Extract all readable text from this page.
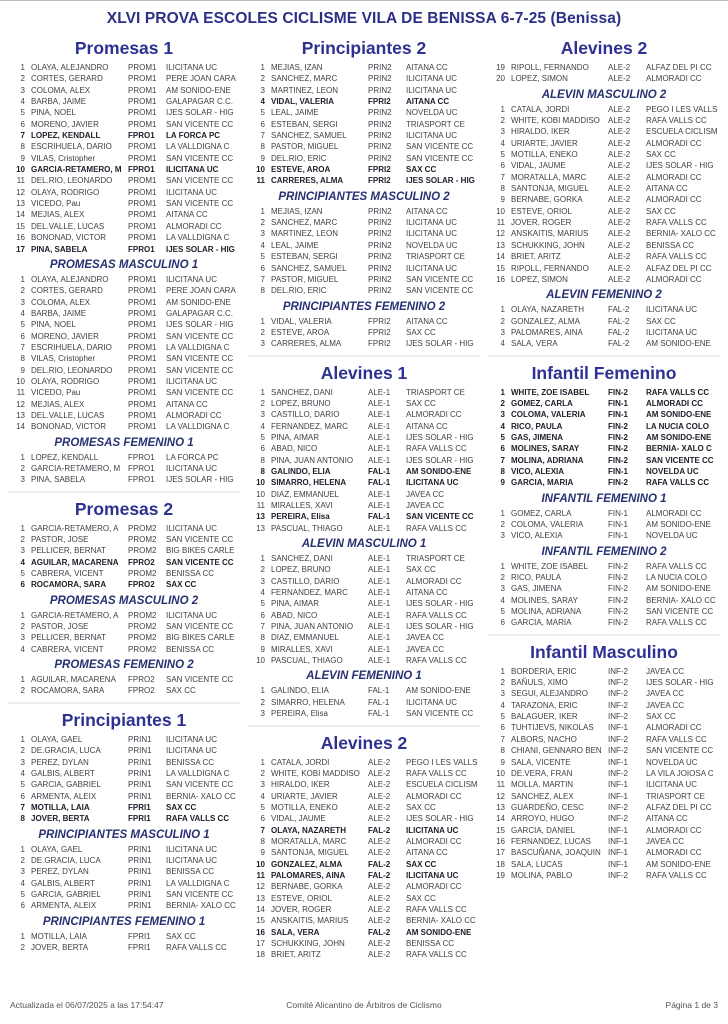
XLVI PROVA ESCOLES CICLISME VILA DE BENISSA 6-7-25 (Benissa)
Promesas 1
1 OLAYA, ALEJANDRO	PROM1	ILICITANA UC
2 CORTES, GERARD	PROM1	PERE JOAN CARA
3 COLOMA, ALEX	PROM1	AM SONIDO-ENE
4 BARBA, JAIME	PROM1	GALAPAGAR C.C.
5 PINA, NOEL	PROM1	IJES SOLAR - HIG
6 MORENO, JAVIER	PROM1	SAN VICENTE CC
7 LOPEZ, KENDALL	FPRO1	LA FORCA PC
8 ESCRIHUELA, DARIO	PROM1	LA VALLDIGNA C
9 VILAS, Cristopher	PROM1	SAN VICENTE CC
10 GARCIA-RETAMERO, M FPRO1	ILICITANA UC
11 DEL.RIO, LEONARDO	PROM1	SAN VICENTE CC
12 OLAYA, RODRIGO	PROM1	ILICITANA UC
13 VICEDO, Pau	PROM1	SAN VICENTE CC
14 MEJIAS, ALEX	PROM1	AITANA CC
15 DEL.VALLE, LUCAS	PROM1	ALMORADI CC
16 BONONAD, VICTOR	PROM1	LA VALLDIGNA C
17 PINA, SABELA	FPRO1	IJES SOLAR - HIG
PROMESAS MASCULINO 1
1 OLAYA, ALEJANDRO	PROM1	ILICITANA UC
2 CORTES, GERARD	PROM1	PERE JOAN CARA
3 COLOMA, ALEX	PROM1	AM SONIDO-ENE
4 BARBA, JAIME	PROM1	GALAPAGAR C.C.
5 PINA, NOEL	PROM1	IJES SOLAR - HIG
6 MORENO, JAVIER	PROM1	SAN VICENTE CC
7 ESCRIHUELA, DARIO	PROM1	LA VALLDIGNA C
8 VILAS, Cristopher	PROM1	SAN VICENTE CC
9 DEL.RIO, LEONARDO	PROM1	SAN VICENTE CC
10 OLAYA, RODRIGO	PROM1	ILICITANA UC
11 VICEDO, Pau	PROM1	SAN VICENTE CC
12 MEJIAS, ALEX	PROM1	AITANA CC
13 DEL.VALLE, LUCAS	PROM1	ALMORADI CC
14 BONONAD, VICTOR	PROM1	LA VALLDIGNA C
PROMESAS FEMENINO 1
1 LOPEZ, KENDALL	FPRO1	LA FORCA PC
2 GARCIA-RETAMERO, M FPRO1	ILICITANA UC
3 PINA, SABELA	FPRO1	IJES SOLAR - HIG
Promesas 2
1 GARCIA-RETAMERO, A	PROM2	ILICITANA UC
2 PASTOR, JOSE	PROM2	SAN VICENTE CC
3 PELLICER, BERNAT	PROM2	BIG BIKES CARLE
4 AGUILAR, MACARENA	FPRO2	SAN VICENTE CC
5 CABRERA, VICENT	PROM2	BENISSA CC
6 ROCAMORA, SARA	FPRO2	SAX CC
PROMESAS MASCULINO 2
1 GARCIA-RETAMERO, A	PROM2	ILICITANA UC
2 PASTOR, JOSE	PROM2	SAN VICENTE CC
3 PELLICER, BERNAT	PROM2	BIG BIKES CARLE
4 CABRERA, VICENT	PROM2	BENISSA CC
PROMESAS FEMENINO 2
1 AGUILAR, MACARENA	FPRO2	SAN VICENTE CC
2 ROCAMORA, SARA	FPRO2	SAX CC
Principiantes 1
1 OLAYA, GAEL	PRIN1	ILICITANA UC
2 DE.GRACIA, LUCA	PRIN1	ILICITANA UC
3 PEREZ, DYLAN	PRIN1	BENISSA CC
4 GALBIS, ALBERT	PRIN1	LA VALLDIGNA C
5 GARCIA, GABRIEL	PRIN1	SAN VICENTE CC
6 ARMENTA, ALEIX	PRIN1	BERNIA- XALO CC
7 MOTILLA, LAIA	FPRI1	SAX CC
8 JOVER, BERTA	FPRI1	RAFA VALLS CC
PRINCIPIANTES MASCULINO 1
1 OLAYA, GAEL	PRIN1	ILICITANA UC
2 DE.GRACIA, LUCA	PRIN1	ILICITANA UC
3 PEREZ, DYLAN	PRIN1	BENISSA CC
4 GALBIS, ALBERT	PRIN1	LA VALLDIGNA C
5 GARCIA, GABRIEL	PRIN1	SAN VICENTE CC
6 ARMENTA, ALEIX	PRIN1	BERNIA- XALO CC
PRINCIPIANTES FEMENINO 1
1 MOTILLA, LAIA	FPRI1	SAX CC
2 JOVER, BERTA	FPRI1	RAFA VALLS CC
Principiantes 2
1 MEJIAS, IZAN	PRIN2	AITANA CC
2 SANCHEZ, MARC	PRIN2	ILICITANA UC
3 MARTINEZ, LEON	PRIN2	ILICITANA UC
4 VIDAL, VALERIA	FPRI2	AITANA CC
5 LEAL, JAIME	PRIN2	NOVELDA UC
6 ESTEBAN, SERGI	PRIN2	TRIASPORT CE
7 SANCHEZ, SAMUEL	PRIN2	ILICITANA UC
8 PASTOR, MIGUEL	PRIN2	SAN VICENTE CC
9 DEL.RIO, ERIC	PRIN2	SAN VICENTE CC
10 ESTEVE, AROA	FPRI2	SAX CC
11 CARRERES, ALMA	FPRI2	IJES SOLAR - HIG
PRINCIPIANTES MASCULINO 2
1 MEJIAS, IZAN	PRIN2	AITANA CC
2 SANCHEZ, MARC	PRIN2	ILICITANA UC
3 MARTINEZ, LEON	PRIN2	ILICITANA UC
4 LEAL, JAIME	PRIN2	NOVELDA UC
5 ESTEBAN, SERGI	PRIN2	TRIASPORT CE
6 SANCHEZ, SAMUEL	PRIN2	ILICITANA UC
7 PASTOR, MIGUEL	PRIN2	SAN VICENTE CC
8 DEL.RIO, ERIC	PRIN2	SAN VICENTE CC
PRINCIPIANTES FEMENINO 2
1 VIDAL, VALERIA	FPRI2	AITANA CC
2 ESTEVE, AROA	FPRI2	SAX CC
3 CARRERES, ALMA	FPRI2	IJES SOLAR - HIG
Alevines 1
1 SANCHEZ, DANI	ALE-1	TRIASPORT CE
2 LOPEZ, BRUNO	ALE-1	SAX CC
3 CASTILLO, DARIO	ALE-1	ALMORADI CC
4 FERNANDEZ, MARC	ALE-1	AITANA CC
5 PINA, AIMAR	ALE-1	IJES SOLAR - HIG
6 ABAD, NICO	ALE-1	RAFA VALLS CC
8 PINA, JUAN ANTONIO	ALE-1	IJES SOLAR - HIG
8 GALINDO, ELIA	FAL-1	AM SONIDO-ENE
10 SIMARRO, HELENA	FAL-1	ILICITANA UC
10 DIAZ, EMMANUEL	ALE-1	JAVEA CC
11 MIRALLES, XAVI	ALE-1	JAVEA CC
13 PEREIRA, Elisa	FAL-1	SAN VICENTE CC
13 PASCUAL, THIAGO	ALE-1	RAFA VALLS CC
ALEVIN MASCULINO 1
1 SANCHEZ, DANI	ALE-1	TRIASPORT CE
2 LOPEZ, BRUNO	ALE-1	SAX CC
3 CASTILLO, DARIO	ALE-1	ALMORADI CC
4 FERNANDEZ, MARC	ALE-1	AITANA CC
5 PINA, AIMAR	ALE-1	IJES SOLAR - HIG
6 ABAD, NICO	ALE-1	RAFA VALLS CC
7 PINA, JUAN ANTONIO	ALE-1	IJES SOLAR - HIG
8 DIAZ, EMMANUEL	ALE-1	JAVEA CC
9 MIRALLES, XAVI	ALE-1	JAVEA CC
10 PASCUAL, THIAGO	ALE-1	RAFA VALLS CC
ALEVIN FEMENINO 1
1 GALINDO, ELIA	FAL-1	AM SONIDO-ENE
2 SIMARRO, HELENA	FAL-1	ILICITANA UC
3 PEREIRA, Elisa	FAL-1	SAN VICENTE CC
Alevines 2
1 CATALA, JORDI	ALE-2	PEGO I LES VALLS
2 WHITE, KOBI MADDISO	ALE-2	RAFA VALLS CC
3 HIRALDO, IKER	ALE-2	ESCUELA CICLISM
4 URIARTE, JAVIER	ALE-2	ALMORADI CC
5 MOTILLA, ENEKO	ALE-2	SAX CC
6 VIDAL, JAUME	ALE-2	IJES SOLAR - HIG
7 OLAYA, NAZARETH	FAL-2	ILICITANA UC
8 MORATALLA, MARC	ALE-2	ALMORADI CC
9 SANTONJA, MIGUEL	ALE-2	AITANA CC
10 GONZALEZ, ALMA	FAL-2	SAX CC
11 PALOMARES, AINA	FAL-2	ILICITANA UC
12 BERNABE, GORKA	ALE-2	ALMORADI CC
13 ESTEVE, ORIOL	ALE-2	SAX CC
14 JOVER, ROGER	ALE-2	RAFA VALLS CC
15 ANSKAITIS, MARIUS	ALE-2	BERNIA- XALO CC
16 SALA, VERA	FAL-2	AM SONIDO-ENE
17 SCHUKKING, JOHN	ALE-2	BENISSA CC
18 BRIET, ARITZ	ALE-2	RAFA VALLS CC
Alevines 2
19 RIPOLL, FERNANDO	ALE-2	ALFAZ DEL PI CC
20 LOPEZ, SIMON	ALE-2	ALMORADI CC
ALEVIN MASCULINO 2
1 CATALA, JORDI	ALE-2	PEGO I LES VALLS
2 WHITE, KOBI MADDISO	ALE-2	RAFA VALLS CC
3 HIRALDO, IKER	ALE-2	ESCUELA CICLISM
4 URIARTE, JAVIER	ALE-2	ALMORADI CC
5 MOTILLA, ENEKO	ALE-2	SAX CC
6 VIDAL, JAUME	ALE-2	IJES SOLAR - HIG
7 MORATALLA, MARC	ALE-2	ALMORADI CC
8 SANTONJA, MIGUEL	ALE-2	AITANA CC
9 BERNABE, GORKA	ALE-2	ALMORADI CC
10 ESTEVE, ORIOL	ALE-2	SAX CC
11 JOVER, ROGER	ALE-2	RAFA VALLS CC
12 ANSKAITIS, MARIUS	ALE-2	BERNIA- XALO CC
13 SCHUKKING, JOHN	ALE-2	BENISSA CC
14 BRIET, ARITZ	ALE-2	RAFA VALLS CC
15 RIPOLL, FERNANDO	ALE-2	ALFAZ DEL PI CC
16 LOPEZ, SIMON	ALE-2	ALMORADI CC
ALEVIN FEMENINO 2
1 OLAYA, NAZARETH	FAL-2	ILICITANA UC
2 GONZALEZ, ALMA	FAL-2	SAX CC
3 PALOMARES, AINA	FAL-2	ILICITANA UC
4 SALA, VERA	FAL-2	AM SONIDO-ENE
Infantil Femenino
1 WHITE, ZOE ISABEL	FIN-2	RAFA VALLS CC
2 GOMEZ, CARLA	FIN-1	ALMORADI CC
3 COLOMA, VALERIA	FIN-1	AM SONIDO-ENE
4 RICO, PAULA	FIN-2	LA NUCIA COLO
5 GAS, JIMENA	FIN-2	AM SONIDO-ENE
6 MOLINES, SARAY	FIN-2	BERNIA- XALO C
7 MOLINA, ADRIANA	FIN-2	SAN VICENTE CC
8 VICO, ALEXIA	FIN-1	NOVELDA UC
9 GARCIA, MARIA	FIN-2	RAFA VALLS CC
INFANTIL FEMENINO 1
1 GOMEZ, CARLA	FIN-1	ALMORADI CC
2 COLOMA, VALERIA	FIN-1	AM SONIDO-ENE
3 VICO, ALEXIA	FIN-1	NOVELDA UC
INFANTIL FEMENINO 2
1 WHITE, ZOE ISABEL	FIN-2	RAFA VALLS CC
2 RICO, PAULA	FIN-2	LA NUCIA COLO
3 GAS, JIMENA	FIN-2	AM SONIDO-ENE
4 MOLINES, SARAY	FIN-2	BERNIA- XALO CC
5 MOLINA, ADRIANA	FIN-2	SAN VICENTE CC
6 GARCIA, MARIA	FIN-2	RAFA VALLS CC
Infantil Masculino
1 BORDERIA, ERIC	INF-2	JAVEA CC
2 BAÑULS, XIMO	INF-2	IJES SOLAR - HIG
3 SEGUI, ALEJANDRO	INF-2	JAVEA CC
4 TARAZONA, ERIC	INF-2	JAVEA CC
5 BALAGUER, IKER	INF-2	SAX CC
6 TUHTIJEVS, NIKOLAS	INF-1	ALMORADI CC
7 ALBORS, NACHO	INF-2	RAFA VALLS CC
8 CHIANI, GENNARO BEN INF-2	SAN VICENTE CC
9 SALA, VICENTE	INF-1	NOVELDA UC
10 DE.VERA, FRAN	INF-2	LA VILA JOIOSA C
11 MOLLA, MARTIN	INF-1	ILICITANA UC
12 SANCHEZ, ALEX	INF-1	TRIASPORT CE
13 GUARDEÑO, CESC	INF-2	ALFAZ DEL PI CC
14 ARROYO, HUGO	INF-2	AITANA CC
15 GARCIA, DANIEL	INF-1	ALMORADI CC
16 FERNANDEZ, LUCAS	INF-1	JAVEA CC
17 BASCUÑANA, JOAQUIN INF-1	ALMORADI CC
18 SALA, LUCAS	INF-1	AM SONIDO-ENE
19 MOLINA, PABLO	INF-2	RAFA VALLS CC
Actualizada el 06/07/2025 a las 17:54:47	Comité Alicantino de Árbitros de Ciclismo	Página 1 de 3
